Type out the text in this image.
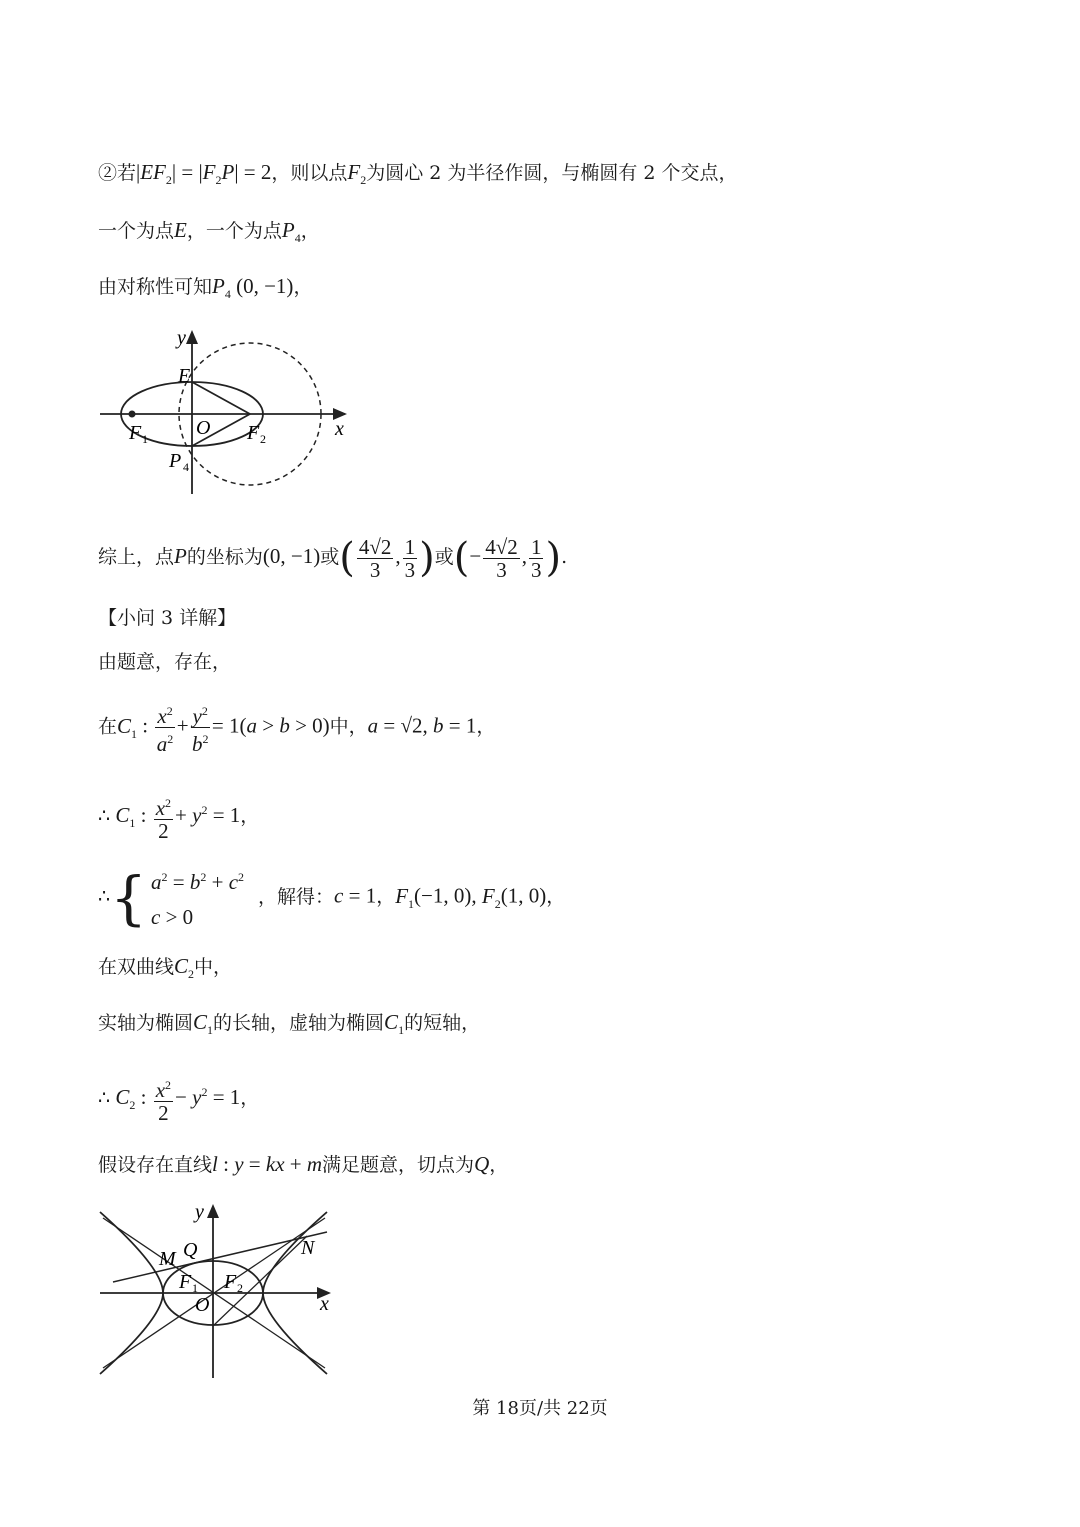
②若$|EF_2| = |F_2P| = 2$，则以点$F_2$为圆心 2 为半径作圆，与椭圆有 2 个交点，
一个为点E，一个为点$P_4$，
由对称性可知$P_4$ (0, −1)，
y
E
O
F 1	F 2
P 4
x
综上，点P的坐标为(0, −1)或( $\frac{4√2}{3}$ , $\frac{1}{3}$ )或(− $\frac{4√2}{3}$ , $\frac{1}{3}$ ).
【小问 3 详解】
由题意，存在，
在$C_1$ : $\frac{x^2}{a^2} + \frac{y^2}{b^2} = 1(a > b > 0)$中，a = √2, b = 1，
∴ $C_1$ : $\frac{x^2}{2} + y^2 = 1$，
∴ { $a^2 = b^2 + c^2$
c > 0
，解得：c = 1，$F_1(-1$, 0), $F_2(1$, 0)，
在双曲线$C_2$中，
实轴为椭圆$C_1$的长轴，虚轴为椭圆$C_1$的短轴，
∴ $C_2$ : $\frac{x^2}{2} - y^2 = 1$，
假设存在直线l : y = kx + m满足题意，切点为Q，
y
M Q	N
F 1 F 2
O	x
第 18页/共 22页
